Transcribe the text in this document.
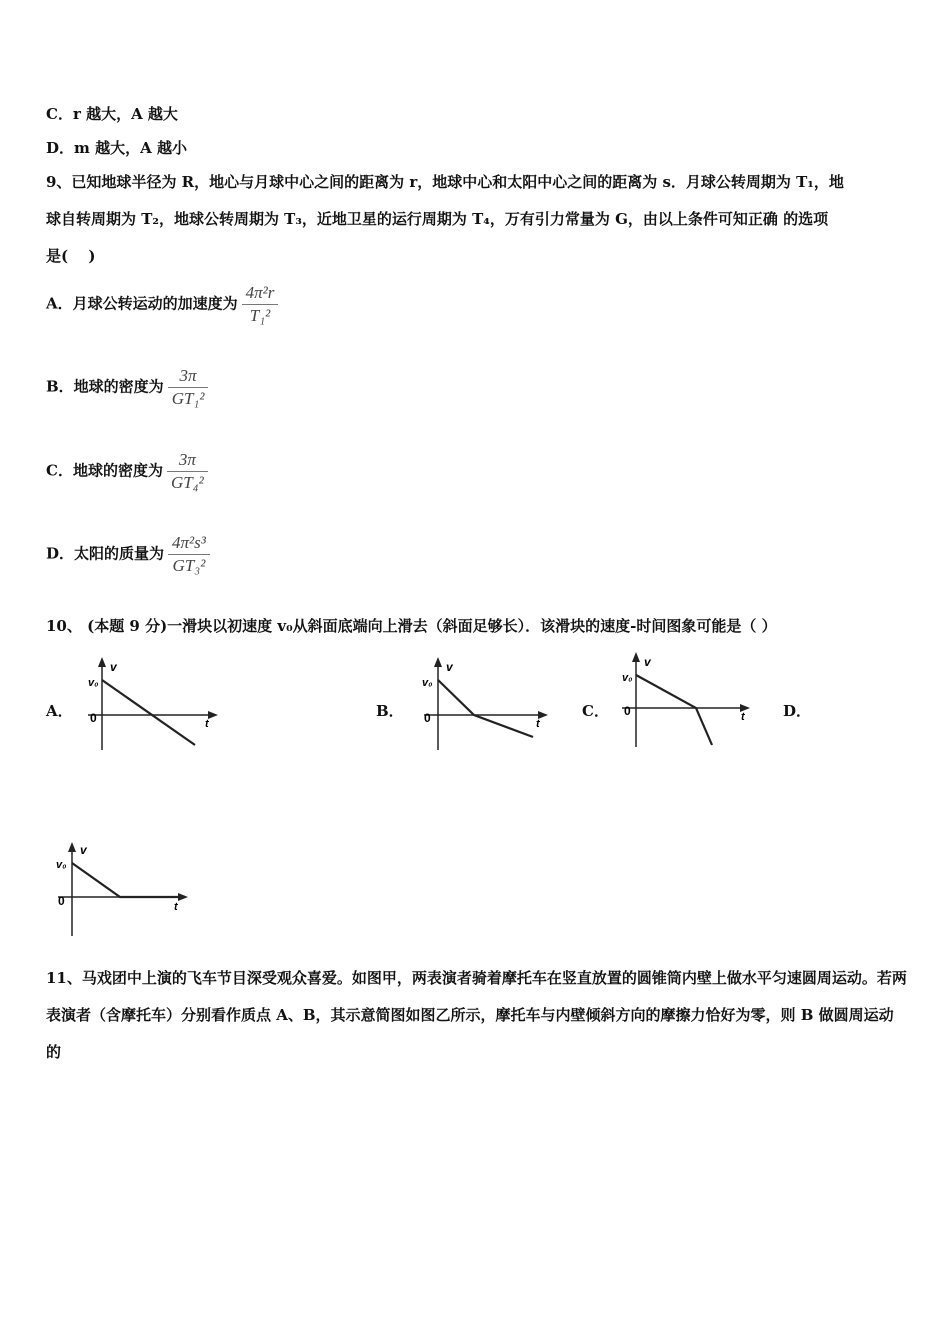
C．r 越大，A 越大
D．m 越大，A 越小
9、已知地球半径为 R，地心与月球中心之间的距离为 r，地球中心和太阳中心之间的距离为 s．月球公转周期为 T₁，地
球自转周期为 T₂，地球公转周期为 T₃，近地卫星的运行周期为 T₄，万有引力常量为 G，由以上条件可知正确 的选项
是(　 )
A．月球公转运动的加速度为 $\frac{\text{4π²r}}{\text{T₁²}}$
B．地球的密度为 $\frac{3\pi}{\text{GT₁²}}$
C．地球的密度为 $\frac{3\pi}{\text{GT₄²}}$
D．太阳的质量为 $\frac{\text{4π²s³}}{\text{GT₃²}}$
10、 (本题 9 分)一滑块以初速度 v₀从斜面底端向上滑去（斜面足够长）．该滑块的速度-时间图象可能是（ ）
A．	B．	C．	D．
v
v₀
0	t
v
v₀
0	t
v
v₀
0	t
v
v₀
0	t
11、马戏团中上演的飞车节目深受观众喜爱。如图甲，两表演者骑着摩托车在竖直放置的圆锥筒内壁上做水平匀速圆周运动。若两表演者（含摩托车）分别看作质点 A、B，其示意简图如图乙所示，摩托车与内壁倾斜方向的摩擦力恰好为零，则 B 做圆周运动的
